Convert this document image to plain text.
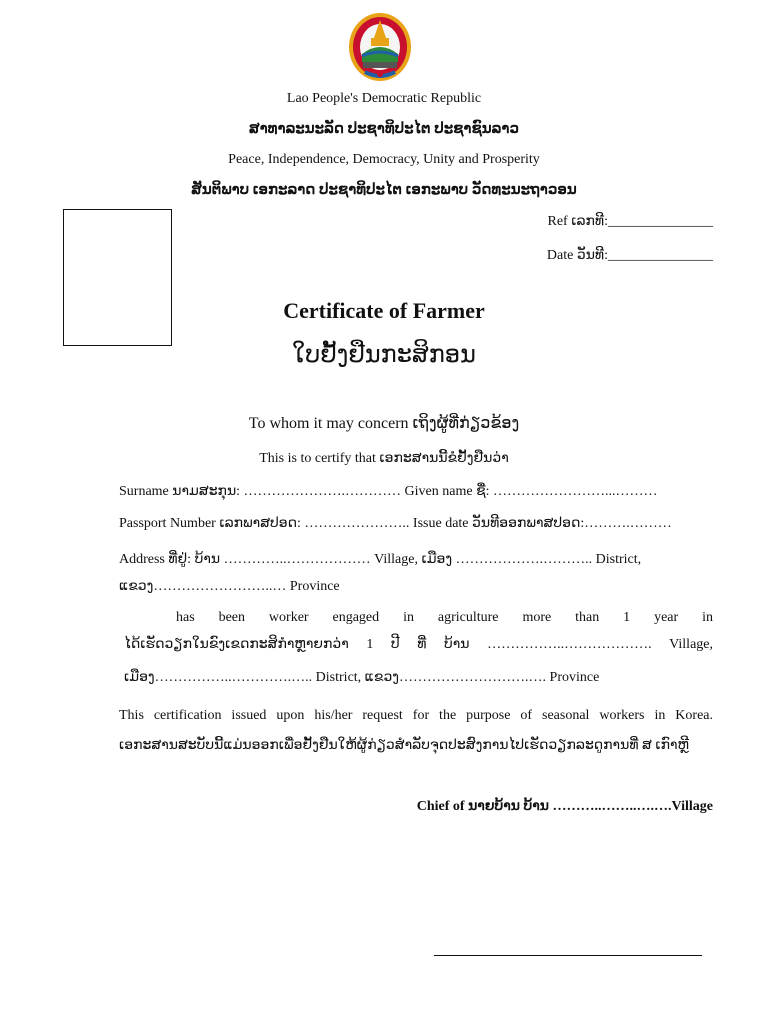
Lao People's Democratic Republic
ສາທາລະນະລັດ ປະຊາທິປະໄຕ ປະຊາຊົນລາວ
Peace, Independence, Democracy, Unity and Prosperity
ສັນຕິພາບ ເອກະລາດ ປະຊາທິປະໄຕ ເອກະພາບ ວັດທະນະຖາວອນ
Ref ເລກທີ:_______________
Date ວັນທີ:_______________
Certificate of Farmer
ໃບຢັ້ງຢືນກະສິກອນ
To whom it may concern ເຖິງຜູ້ທີ່ກ່ຽວຂ້ອງ
This is to certify that ເອກະສານນີ້ຂໍຢັ້ງຢືນວ່າ
Surname ນາມສະກຸນ: ………………….………… Given name ຊື່: ……………………...………
Passport Number ເລກພາສປອດ: ………………….. Issue date ວັນທີອອກພາສປອດ:……….………
Address ທີ່ຢູ່: ບ້ານ …………..……………… Village, ເມືອງ ……………….……….. District,
ແຂວງ……………………..… Province
has been worker engaged in agriculture more than 1 year in
ໄດ້ເຮັດວຽກໃນຂົງເຂດກະສິກຳຫຼາຍກວ່າ 1 ປີ ທີ່ ບ້ານ ……………..………………. Village,
ເມືອງ……………..………….….. District, ແຂວງ……………………….…. Province
This certification issued upon his/her request for the purpose of seasonal workers in Korea.
ເອກະສານສະບັບນີ້ແມ່ນອອກເພື່ອຢັ້ງຢືນໃຫ້ຜູ້ກ່ຽວສຳລັບຈຸດປະສົງການໄປເຮັດວຽກລະດູການທີ່ ສ ເກົາຫຼີ
Chief of ນາຍບ້ານ ບ້ານ ………..……..….….Village
